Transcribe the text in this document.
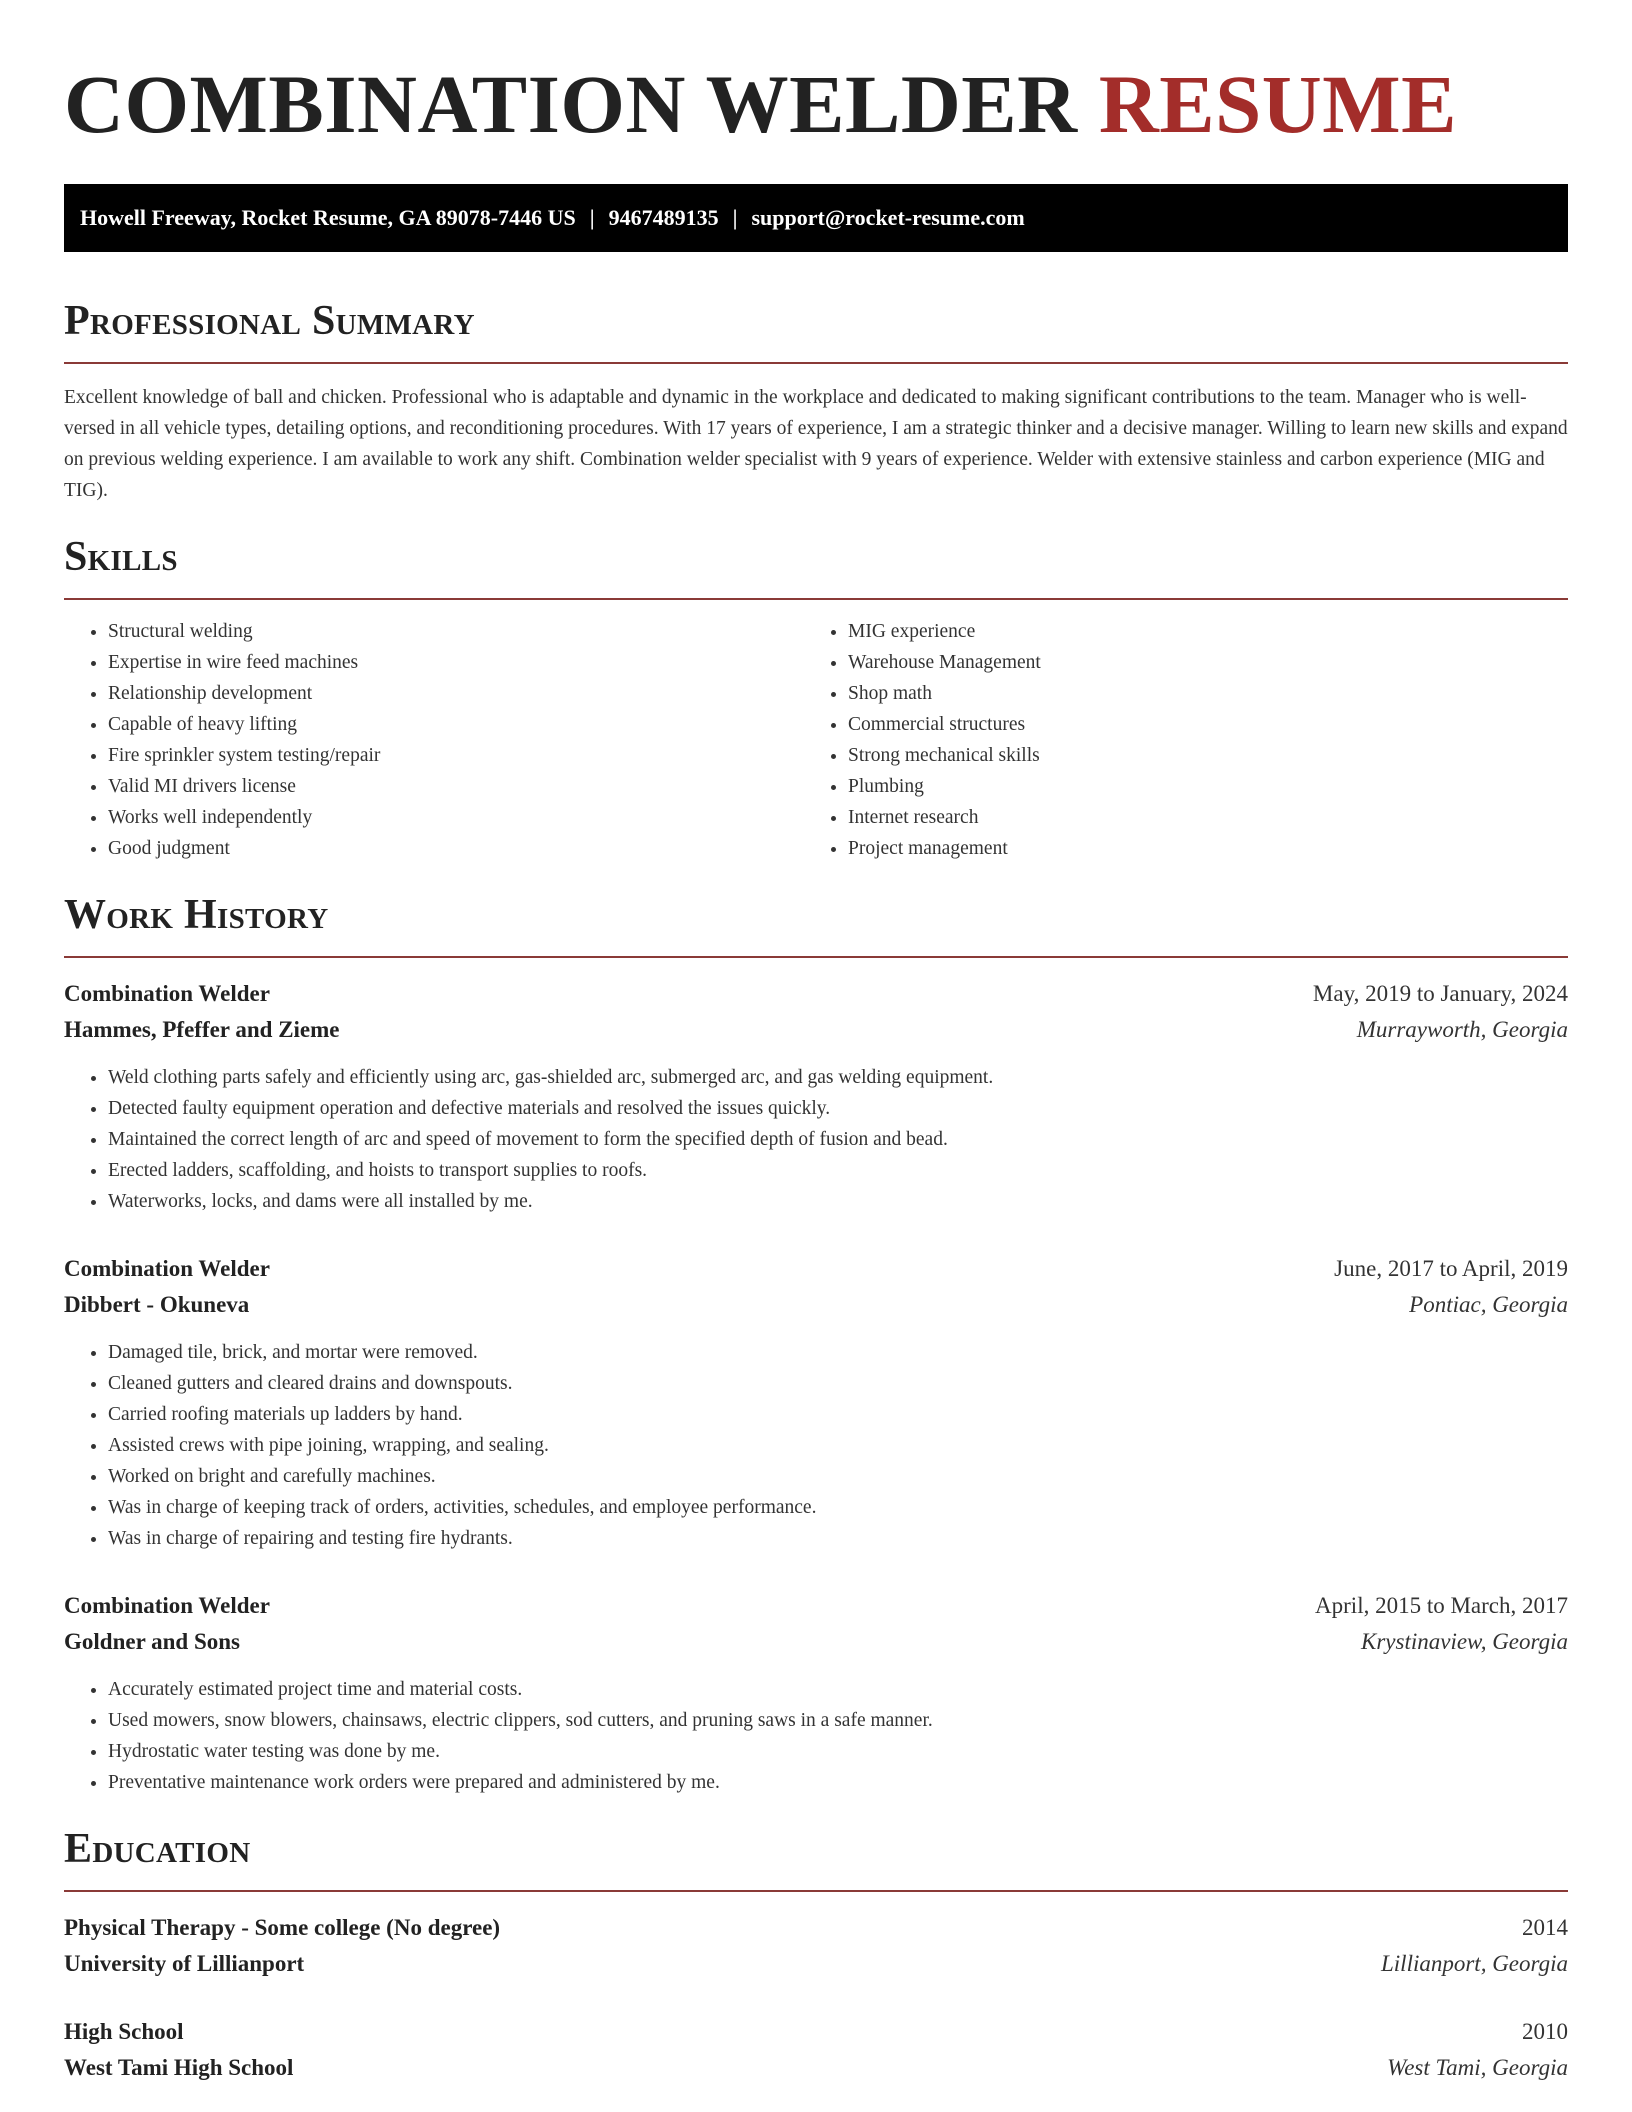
COMBINATION WELDER RESUME
Howell Freeway, Rocket Resume, GA 89078-7446 US | 9467489135 | support@rocket-resume.com
Professional Summary

Excellent knowledge of ball and chicken. Professional who is adaptable and dynamic in the workplace and dedicated to making significant contributions to the team. Manager who is well-versed in all vehicle types, detailing options, and reconditioning procedures. With 17 years of experience, I am a strategic thinker and a decisive manager. Willing to learn new skills and expand on previous welding experience. I am available to work any shift. Combination welder specialist with 9 years of experience. Welder with extensive stainless and carbon experience (MIG and TIG).

Skills
• Structural welding
• Expertise in wire feed machines
• Relationship development
• Capable of heavy lifting
• Fire sprinkler system testing/repair
• Valid MI drivers license
• Works well independently
• Good judgment
• MIG experience
• Warehouse Management
• Shop math
• Commercial structures
• Strong mechanical skills
• Plumbing
• Internet research
• Project management
Work History
Combination Welder	May, 2019 to January, 2024
Hammes, Pfeffer and Zieme	Murrayworth, Georgia
• Weld clothing parts safely and efficiently using arc, gas-shielded arc, submerged arc, and gas welding equipment.
• Detected faulty equipment operation and defective materials and resolved the issues quickly.
• Maintained the correct length of arc and speed of movement to form the specified depth of fusion and bead.
• Erected ladders, scaffolding, and hoists to transport supplies to roofs.
• Waterworks, locks, and dams were all installed by me.
Combination Welder	June, 2017 to April, 2019
Dibbert - Okuneva	Pontiac, Georgia
• Damaged tile, brick, and mortar were removed.
• Cleaned gutters and cleared drains and downspouts.
• Carried roofing materials up ladders by hand.
• Assisted crews with pipe joining, wrapping, and sealing.
• Worked on bright and carefully machines.
• Was in charge of keeping track of orders, activities, schedules, and employee performance.
• Was in charge of repairing and testing fire hydrants.
Combination Welder	April, 2015 to March, 2017
Goldner and Sons	Krystinaview, Georgia
• Accurately estimated project time and material costs.
• Used mowers, snow blowers, chainsaws, electric clippers, sod cutters, and pruning saws in a safe manner.
• Hydrostatic water testing was done by me.
• Preventative maintenance work orders were prepared and administered by me.
Education
Physical Therapy - Some college (No degree)	2014
University of Lillianport	Lillianport, Georgia
High School	2010
West Tami High School	West Tami, Georgia
